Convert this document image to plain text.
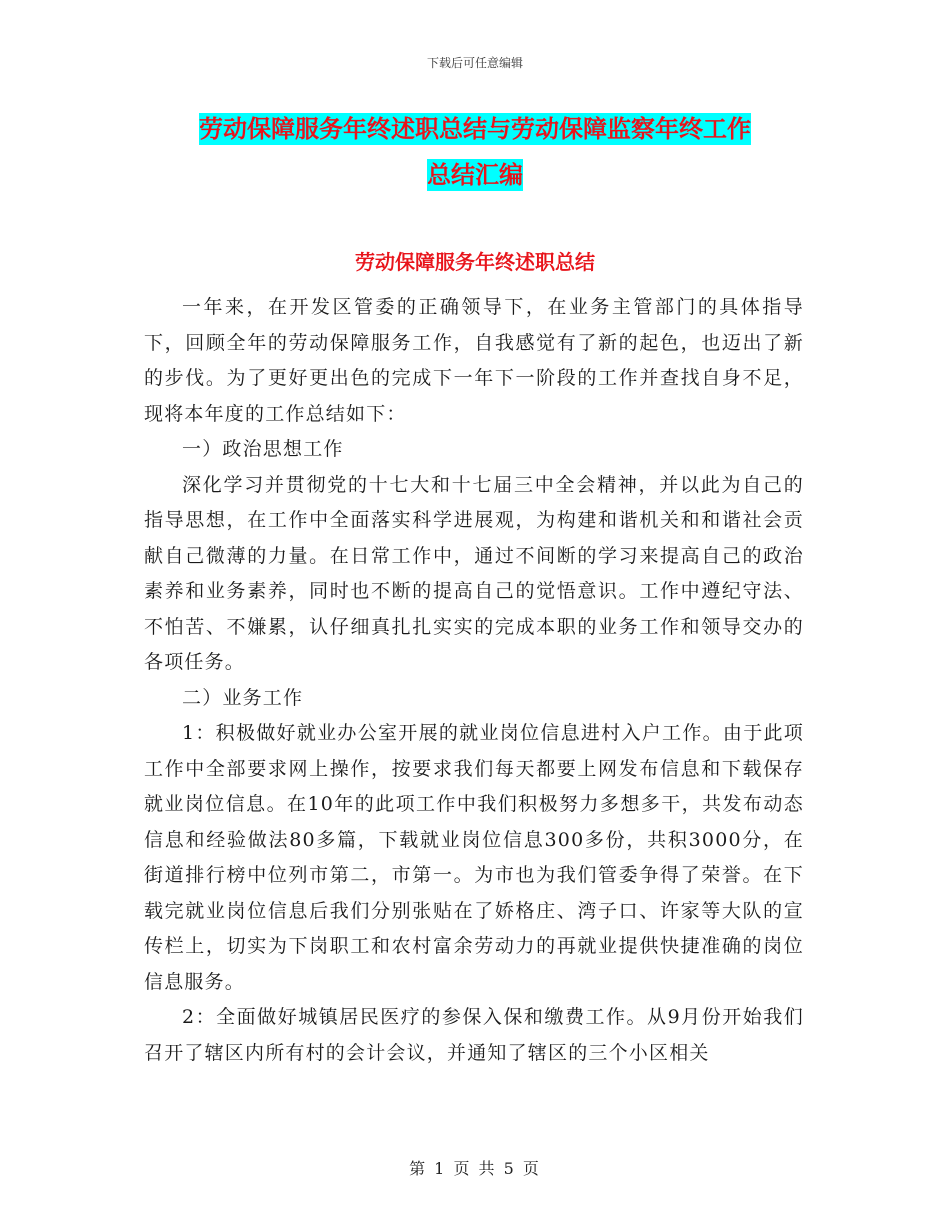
下载后可任意编辑
劳动保障服务年终述职总结与劳动保障监察年终工作
总结汇编
劳动保障服务年终述职总结

一年来，在开发区管委的正确领导下，在业务主管部门的具体指导下，回顾全年的劳动保障服务工作，自我感觉有了新的起色，也迈出了新的步伐。为了更好更出色的完成下一年下一阶段的工作并查找自身不足，现将本年度的工作总结如下：

一）政治思想工作

深化学习并贯彻党的十七大和十七届三中全会精神，并以此为自己的指导思想，在工作中全面落实科学进展观，为构建和谐机关和和谐社会贡献自己微薄的力量。在日常工作中，通过不间断的学习来提高自己的政治素养和业务素养，同时也不断的提高自己的觉悟意识。工作中遵纪守法、不怕苦、不嫌累，认仔细真扎扎实实的完成本职的业务工作和领导交办的各项任务。

二）业务工作

1：积极做好就业办公室开展的就业岗位信息进村入户工作。由于此项工作中全部要求网上操作，按要求我们每天都要上网发布信息和下载保存就业岗位信息。在10年的此项工作中我们积极努力多想多干，共发布动态信息和经验做法80多篇，下载就业岗位信息300多份，共积3000分，在街道排行榜中位列市第二，市第一。为市也为我们管委争得了荣誉。在下载完就业岗位信息后我们分别张贴在了娇格庄、湾子口、许家等大队的宣传栏上，切实为下岗职工和农村富余劳动力的再就业提供快捷准确的岗位信息服务。

2：全面做好城镇居民医疗的参保入保和缴费工作。从9月份开始我们召开了辖区内所有村的会计会议，并通知了辖区的三个小区相关

第 1 页 共 5 页
